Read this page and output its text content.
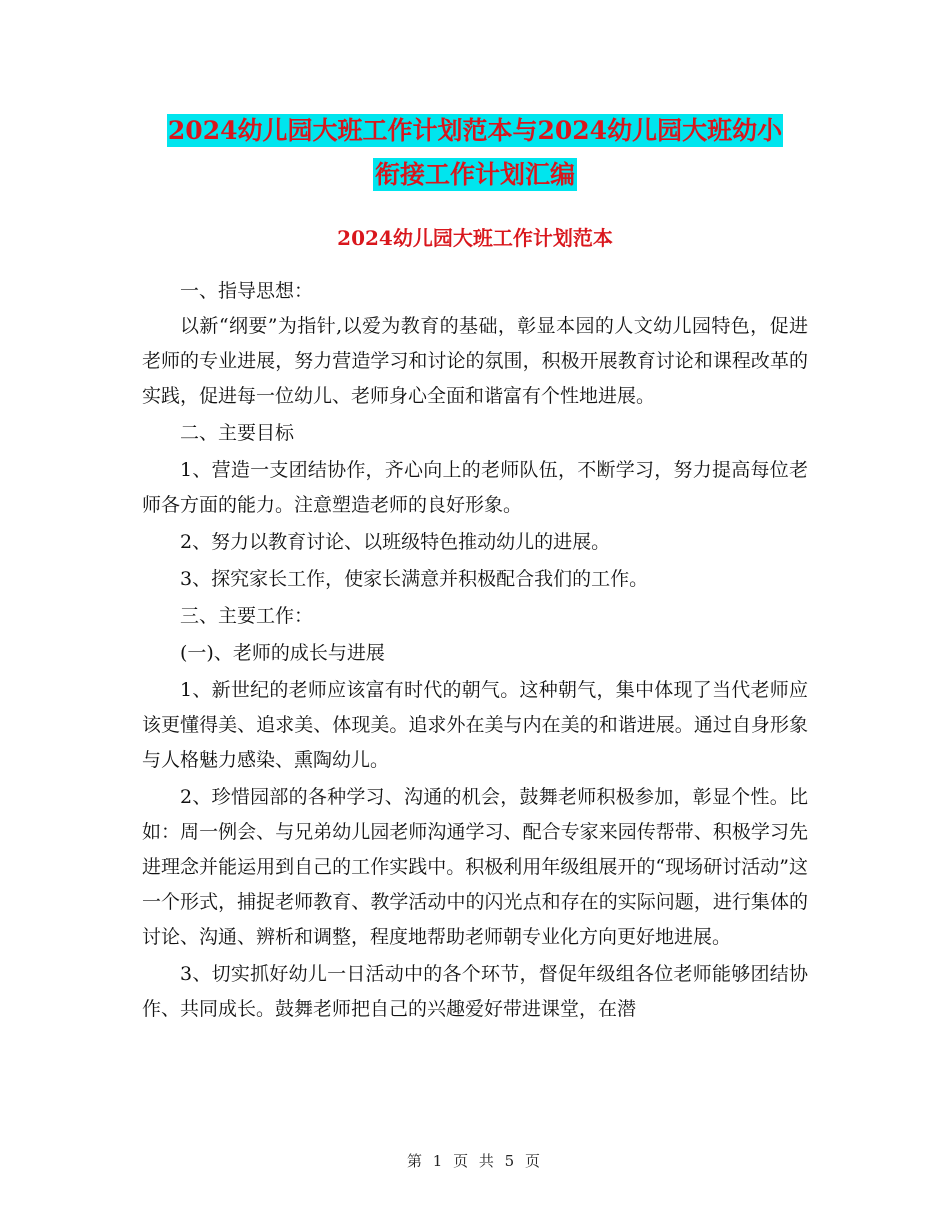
2024幼儿园大班工作计划范本与2024幼儿园大班幼小
衔接工作计划汇编
2024幼儿园大班工作计划范本

一、指导思想：

以新“纲要”为指针,以爱为教育的基础，彰显本园的人文幼儿园特色，促进老师的专业进展，努力营造学习和讨论的氛围，积极开展教育讨论和课程改革的实践，促进每一位幼儿、老师身心全面和谐富有个性地进展。

二、主要目标

1、营造一支团结协作，齐心向上的老师队伍，不断学习，努力提高每位老师各方面的能力。注意塑造老师的良好形象。

2、努力以教育讨论、以班级特色推动幼儿的进展。

3、探究家长工作，使家长满意并积极配合我们的工作。

三、主要工作：

(一)、老师的成长与进展

1、新世纪的老师应该富有时代的朝气。这种朝气，集中体现了当代老师应该更懂得美、追求美、体现美。追求外在美与内在美的和谐进展。通过自身形象与人格魅力感染、熏陶幼儿。

2、珍惜园部的各种学习、沟通的机会，鼓舞老师积极参加，彰显个性。比如：周一例会、与兄弟幼儿园老师沟通学习、配合专家来园传帮带、积极学习先进理念并能运用到自己的工作实践中。积极利用年级组展开的“现场研讨活动”这一个形式，捕捉老师教育、教学活动中的闪光点和存在的实际问题，进行集体的讨论、沟通、辨析和调整，程度地帮助老师朝专业化方向更好地进展。

3、切实抓好幼儿一日活动中的各个环节，督促年级组各位老师能够团结协作、共同成长。鼓舞老师把自己的兴趣爱好带进课堂，在潜

第 1 页 共 5 页
